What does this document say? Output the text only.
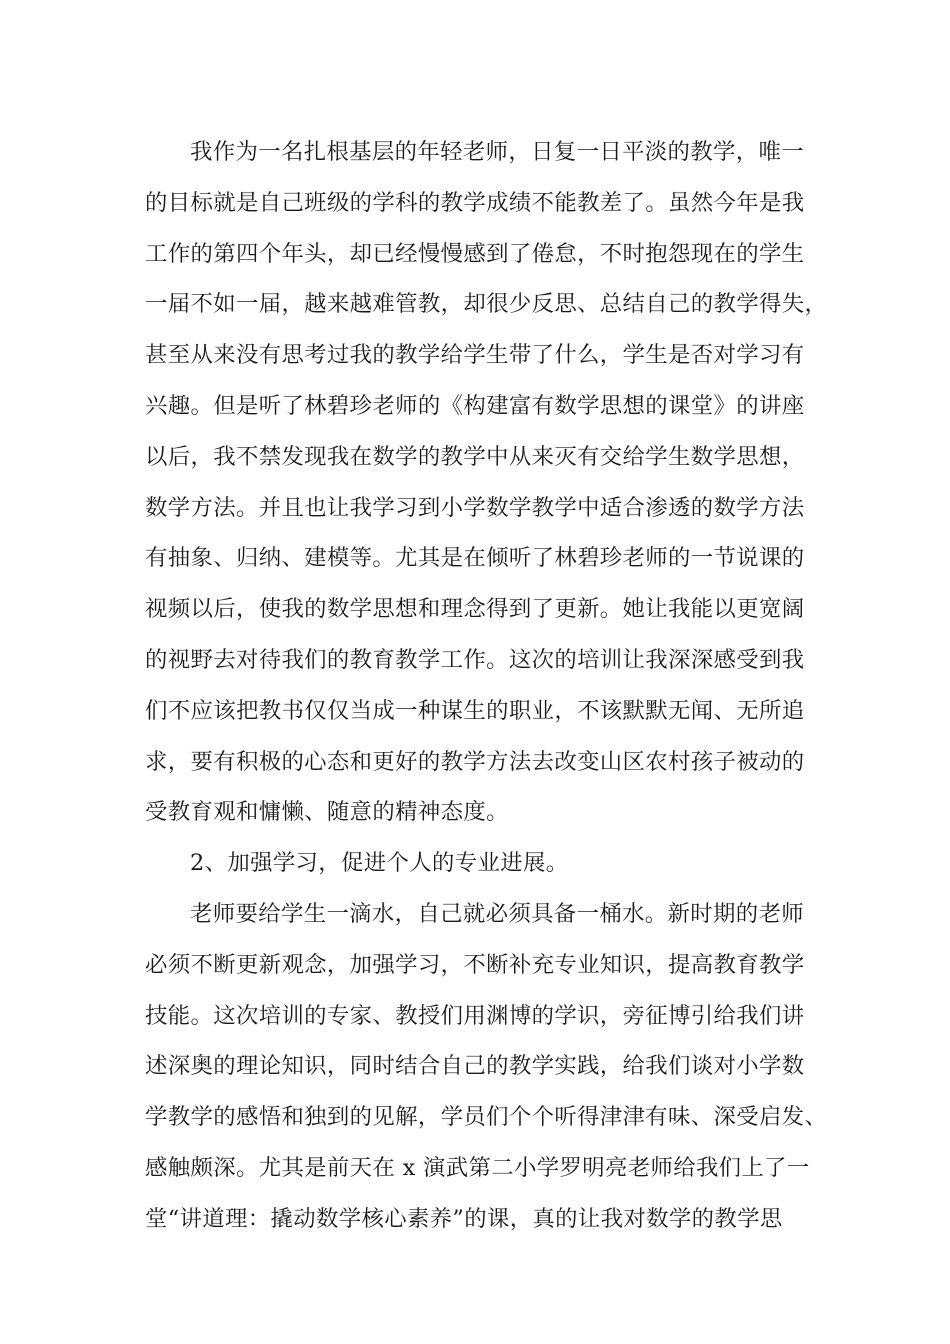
我作为一名扎根基层的年轻老师，日复一日平淡的教学，唯一
的目标就是自己班级的学科的教学成绩不能教差了。虽然今年是我
工作的第四个年头，却已经慢慢感到了倦怠，不时抱怨现在的学生
一届不如一届，越来越难管教，却很少反思、总结自己的教学得失，
甚至从来没有思考过我的教学给学生带了什么，学生是否对学习有
兴趣。但是听了林碧珍老师的《构建富有数学思想的课堂》的讲座
以后，我不禁发现我在数学的教学中从来灭有交给学生数学思想，
数学方法。并且也让我学习到小学数学教学中适合渗透的数学方法
有抽象、归纳、建模等。尤其是在倾听了林碧珍老师的一节说课的
视频以后，使我的数学思想和理念得到了更新。她让我能以更宽阔
的视野去对待我们的教育教学工作。这次的培训让我深深感受到我
们不应该把教书仅仅当成一种谋生的职业，不该默默无闻、无所追
求，要有积极的心态和更好的教学方法去改变山区农村孩子被动的
受教育观和慵懒、随意的精神态度。
2、加强学习，促进个人的专业进展。
老师要给学生一滴水，自己就必须具备一桶水。新时期的老师
必须不断更新观念，加强学习，不断补充专业知识，提高教育教学
技能。这次培训的专家、教授们用渊博的学识，旁征博引给我们讲
述深奥的理论知识，同时结合自己的教学实践，给我们谈对小学数
学教学的感悟和独到的见解，学员们个个听得津津有味、深受启发、
感触颇深。尤其是前天在 x 演武第二小学罗明亮老师给我们上了一
堂“讲道理：撬动数学核心素养”的课，真的让我对数学的教学思
